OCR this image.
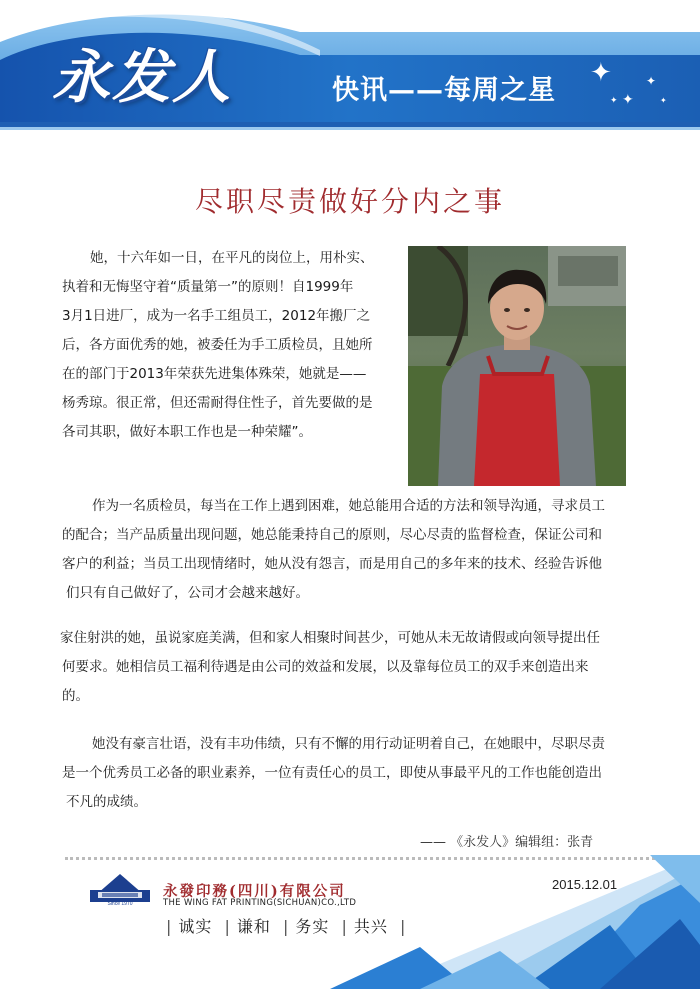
永发人	快讯——每周之星
✦
✦
✦
✦	✦
尽职尽责做好分内之事
她，十六年如一日，在平凡的岗位上，用朴实、
执着和无悔坚守着“质量第一”的原则！自1999年
3月1日进厂，成为一名手工组员工，2012年搬厂之
后，各方面优秀的她，被委任为手工质检员，且她所
在的部门于2013年荣获先进集体殊荣，她就是——
杨秀琼。很正常，但还需耐得住性子，首先要做的是
各司其职，做好本职工作也是一种荣耀”。
作为一名质检员，每当在工作上遇到困难，她总能用合适的方法和领导沟通，寻求员工
的配合；当产品质量出现问题，她总能秉持自己的原则，尽心尽责的监督检查，保证公司和
客户的利益；当员工出现情绪时，她从没有怨言，而是用自己的多年来的技术、经验告诉他
们只有自己做好了，公司才会越来越好。
家住射洪的她，虽说家庭美满，但和家人相聚时间甚少，可她从未无故请假或向领导提出任
何要求。她相信员工福利待遇是由公司的效益和发展，以及靠每位员工的双手来创造出来
的。
她没有豪言壮语，没有丰功伟绩，只有不懈的用行动证明着自己，在她眼中，尽职尽责
是一个优秀员工必备的职业素养，一位有责任心的员工，即使从事最平凡的工作也能创造出
不凡的成绩。
—— 《永发人》编辑组：张青
2015.12.01
Since 1970
永發印務(四川)有限公司
THE WING FAT PRINTING(SICHUAN)CO.,LTD
| 诚实 | 谦和 | 务实 | 共兴 |
